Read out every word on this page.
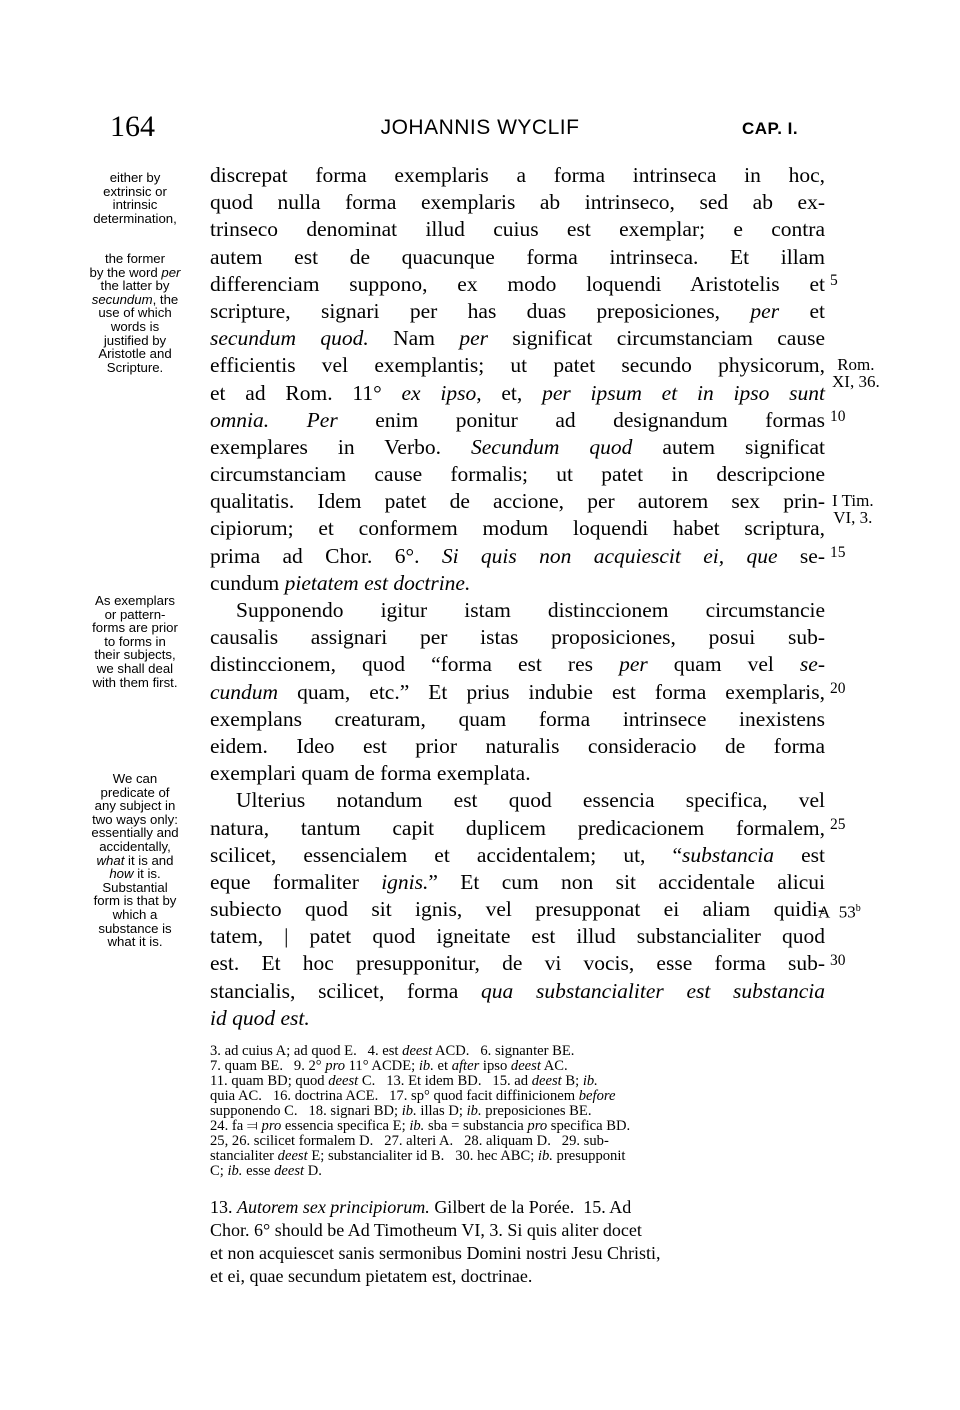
164	JOHANNIS WYCLIF	CAP. I.
either by
extrinsic or
intrinsic
determination,
the former
by the word per
the latter by
secundum, the
use of which
words is
justified by
Aristotle and
Scripture.
As exemplars
or pattern-
forms are prior
to forms in
their subjects,
we shall deal
with them first.
We can
predicate of
any subject in
two ways only:
essentially and
accidentally,
what it is and
how it is.
Substantial
form is that by
which a
substance is
what it is.
discrepat forma exemplaris a forma intrinseca in hoc,
quod nulla forma exemplaris ab intrinseco, sed ab ex-
trinseco denominat illud cuius est exemplar; e contra
autem est de quacunque forma intrinseca. Et illam
differenciam suppono, ex modo loquendi Aristotelis et
scripture, signari per has duas preposiciones, per et
secundum quod. Nam per significat circumstanciam cause
efficientis vel exemplantis; ut patet secundo physicorum,
et ad Rom. 11° ex ipso, et, per ipsum et in ipso sunt
omnia. Per enim ponitur ad designandum formas
exemplares in Verbo. Secundum quod autem significat
circumstanciam cause formalis; ut patet in descripcione
qualitatis. Idem patet de accione, per autorem sex prin-
cipiorum; et conformem modum loquendi habet scriptura,
prima ad Chor. 6°. Si quis non acquiescit ei, que se-
cundum pietatem est doctrine.
Supponendo igitur istam distinccionem circumstancie
causalis assignari per istas proposiciones, posui sub-
distinccionem, quod “forma est res per quam vel se-
cundum quam, etc.” Et prius indubie est forma exemplaris,
exemplans creaturam, quam forma intrinsece inexistens
eidem. Ideo est prior naturalis consideracio de forma
exemplari quam de forma exemplata.
Ulterius notandum est quod essencia specifica, vel
natura, tantum capit duplicem predicacionem formalem,
scilicet, essencialem et accidentalem; ut, “substancia est
eque formaliter ignis.” Et cum non sit accidentale alicui
subiecto quod sit ignis, vel presupponat ei aliam quidi-
tatem, | patet quod igneitate est illud substancialiter quod
est. Et hoc presupponitur, de vi vocis, esse forma sub-
stancialis, scilicet, forma qua substancialiter est substancia
id quod est.
5
10
15
20
25
30
Rom.
XI, 36.
I Tim.
VI, 3.
A  53$^b$
3. ad cuius A; ad quod E.   4. est deest ACD.   6. signanter BE.
7. quam BE.   9. 2° pro 11° ACDE; ib. et after ipso deest AC.
11. quam BD; quod deest C.   13. Et idem BD.   15. ad deest B; ib.
quia AC.   16. doctrina ACE.   17. sp° quod facit diffinicionem before
supponendo C.   18. signari BD; ib. illas D; ib. preposiciones BE.
24. fa ⫤ pro essencia specifica E; ib. sba = substancia pro specifica BD.
25, 26. scilicet formalem D.   27. alteri A.   28. aliquam D.   29. sub-
stancialiter deest E; substancialiter id B.   30. hec ABC; ib. presupponit
C; ib. esse deest D.
13. Autorem sex principiorum. Gilbert de la Porée.  15. Ad
Chor. 6° should be Ad Timotheum VI, 3. Si quis aliter docet
et non acquiescet sanis sermonibus Domini nostri Jesu Christi,
et ei, quae secundum pietatem est, doctrinae.
